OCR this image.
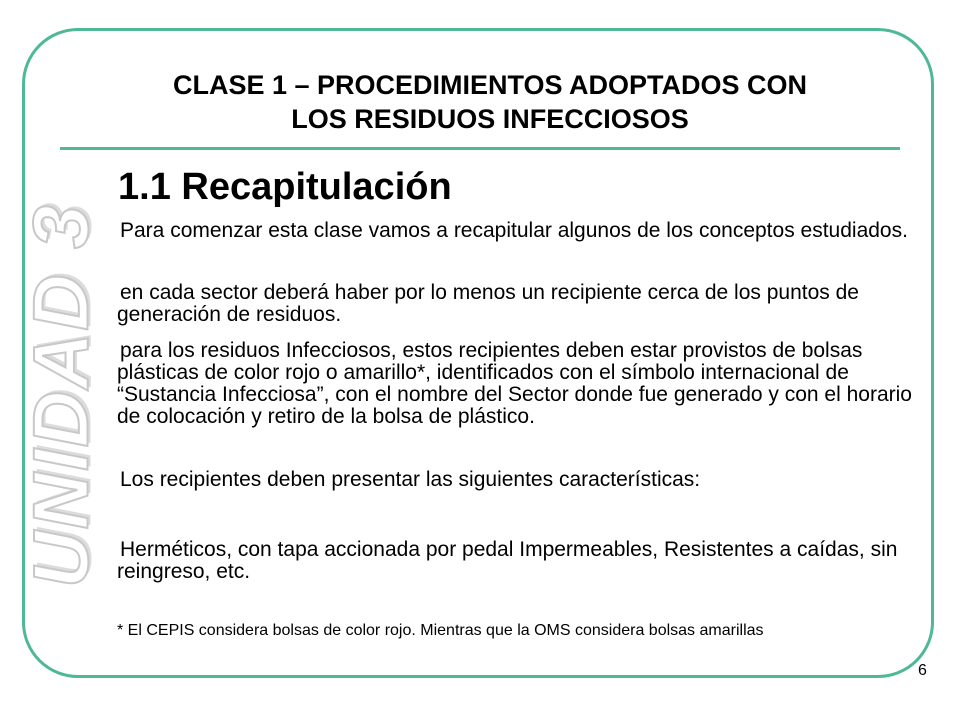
UNIDAD 3
CLASE 1 – PROCEDIMIENTOS ADOPTADOS CON
LOS RESIDUOS INFECCIOSOS
1.1 Recapitulación

Para comenzar esta clase vamos a recapitular algunos de los conceptos estudiados.

en cada sector deberá haber por lo menos un recipiente cerca de los puntos de generación de residuos.

para los residuos Infecciosos, estos recipientes deben estar provistos de bolsas plásticas de color rojo o amarillo*, identificados con el símbolo internacional de “Sustancia Infecciosa”, con el nombre del Sector donde fue generado y con el horario de colocación y retiro de la bolsa de plástico.

Los recipientes deben presentar las siguientes características:

Herméticos, con tapa accionada por pedal Impermeables, Resistentes a caídas, sin reingreso, etc.

* El CEPIS considera bolsas de color rojo. Mientras que la OMS considera bolsas amarillas

6
